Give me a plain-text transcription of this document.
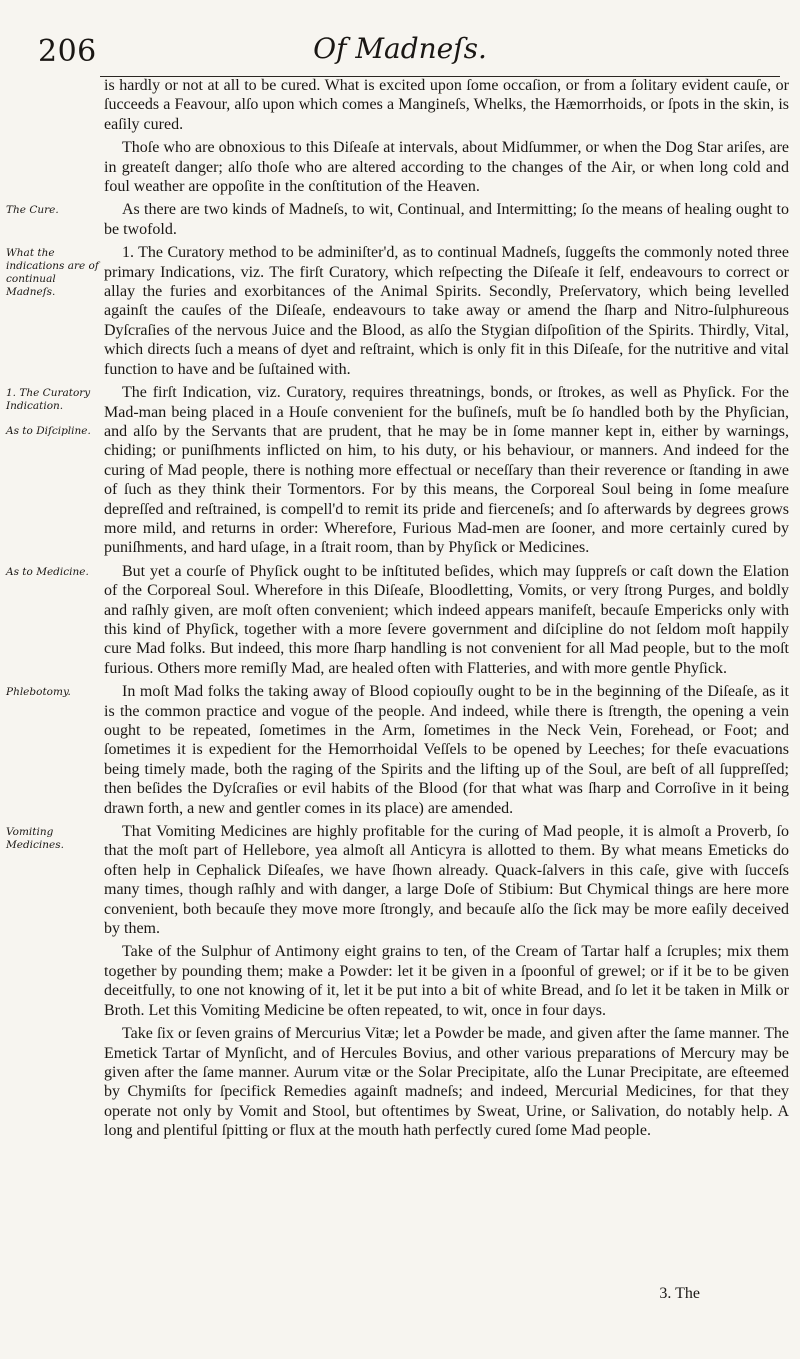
206	Of Madneſs.
is hardly or not at all to be cured. What is excited upon ſome occaſion, or from a ſolitary evident cauſe, or ſucceeds a Feavour, alſo upon which comes a Mangineſs, Whelks, the Hæmorrhoids, or ſpots in the skin, is eaſily cured.
Thoſe who are obnoxious to this Diſeaſe at intervals, about Midſummer, or when the Dog Star ariſes, are in greateſt danger; alſo thoſe who are altered according to the changes of the Air, or when long cold and foul weather are oppoſite in the conſtitution of the Heaven.
The Cure.	As there are two kinds of Madneſs, to wit, Continual, and Intermitting; ſo the means of healing ought to be twofold.
What the indications are of continual Madneſs.
1. The Curatory method to be adminiſter'd, as to continual Madneſs, ſuggeſts the commonly noted three primary Indications, viz. The firſt Curatory, which reſpecting the Diſeaſe it ſelf, endeavours to correct or allay the furies and exorbitances of the Animal Spirits. Secondly, Preſervatory, which being levelled againſt the cauſes of the Diſeaſe, endeavours to take away or amend the ſharp and Nitro-ſulphureous Dyſcraſies of the nervous Juice and the Blood, as alſo the Stygian diſpoſition of the Spirits. Thirdly, Vital, which directs ſuch a means of dyet and reſtraint, which is only fit in this Diſeaſe, for the nutritive and vital function to have and be ſuſtained with.
1. The Curatory Indication.
As to Diſcipline.
The firſt Indication, viz. Curatory, requires threatnings, bonds, or ſtrokes, as well as Phyſick. For the Mad-man being placed in a Houſe convenient for the buſineſs, muſt be ſo handled both by the Phyſician, and alſo by the Servants that are prudent, that he may be in ſome manner kept in, either by warnings, chiding; or puniſhments inflicted on him, to his duty, or his behaviour, or manners. And indeed for the curing of Mad people, there is nothing more effectual or neceſſary than their reverence or ſtanding in awe of ſuch as they think their Tormentors. For by this means, the Corporeal Soul being in ſome meaſure depreſſed and reſtrained, is compell'd to remit its pride and fierceneſs; and ſo afterwards by degrees grows more mild, and returns in order: Wherefore, Furious Mad-men are ſooner, and more certainly cured by puniſhments, and hard uſage, in a ſtrait room, than by Phyſick or Medicines.
As to Medicine.	But yet a courſe of Phyſick ought to be inſtituted beſides, which may ſuppreſs or caſt down the Elation of the Corporeal Soul. Wherefore in this Diſeaſe, Bloodletting, Vomits, or very ſtrong Purges, and boldly and raſhly given, are moſt often convenient; which indeed appears manifeſt, becauſe Empericks only with this kind of Phyſick, together with a more ſevere government and diſcipline do not ſeldom moſt happily cure Mad folks. But indeed, this more ſharp handling is not convenient for all Mad people, but to the moſt furious. Others more remiſly Mad, are healed often with Flatteries, and with more gentle Phyſick.
Phlebotomy.	In moſt Mad folks the taking away of Blood copiouſly ought to be in the beginning of the Diſeaſe, as it is the common practice and vogue of the people. And indeed, while there is ſtrength, the opening a vein ought to be repeated, ſometimes in the Arm, ſometimes in the Neck Vein, Forehead, or Foot; and ſometimes it is expedient for the Hemorrhoidal Veſſels to be opened by Leeches; for theſe evacuations being timely made, both the raging of the Spirits and the lifting up of the Soul, are beſt of all ſuppreſſed; then beſides the Dyſcraſies or evil habits of the Blood (for that what was ſharp and Corroſive in it being drawn forth, a new and gentler comes in its place) are amended.
Vomiting Medicines.
That Vomiting Medicines are highly profitable for the curing of Mad people, it is almoſt a Proverb, ſo that the moſt part of Hellebore, yea almoſt all Anticyra is allotted to them. By what means Emeticks do often help in Cephalick Diſeaſes, we have ſhown already. Quack-ſalvers in this caſe, give with ſucceſs many times, though raſhly and with danger, a large Doſe of Stibium: But Chymical things are here more convenient, both becauſe they move more ſtrongly, and becauſe alſo the ſick may be more eaſily deceived by them.
Take of the Sulphur of Antimony eight grains to ten, of the Cream of Tartar half a ſcruples; mix them together by pounding them; make a Powder: let it be given in a ſpoonful of grewel; or if it be to be given deceitfully, to one not knowing of it, let it be put into a bit of white Bread, and ſo let it be taken in Milk or Broth. Let this Vomiting Medicine be often repeated, to wit, once in four days.
Take ſix or ſeven grains of Mercurius Vitæ; let a Powder be made, and given after the ſame manner. The Emetick Tartar of Mynſicht, and of Hercules Bovius, and other various preparations of Mercury may be given after the ſame manner. Aurum vitæ or the Solar Precipitate, alſo the Lunar Precipitate, are eſteemed by Chymiſts for ſpecifick Remedies againſt madneſs; and indeed, Mercurial Medicines, for that they operate not only by Vomit and Stool, but oftentimes by Sweat, Urine, or Salivation, do notably help. A long and plentiful ſpitting or flux at the mouth hath perfectly cured ſome Mad people.
3. The
